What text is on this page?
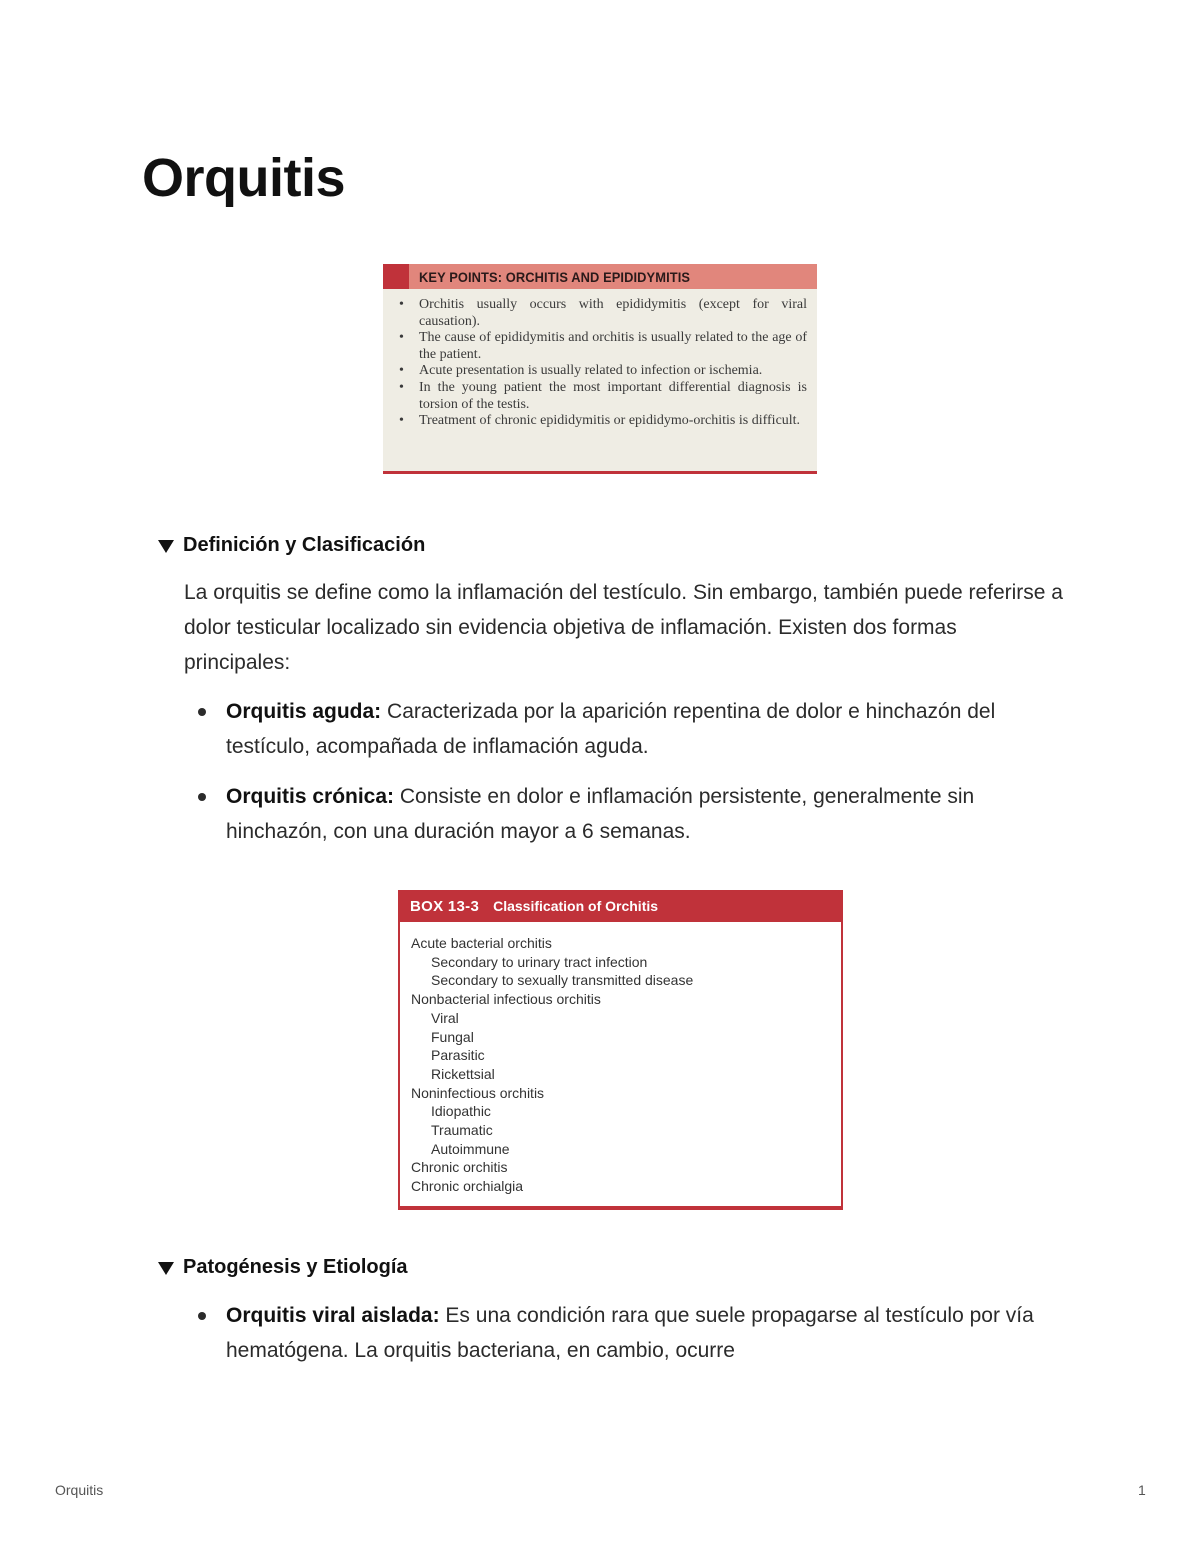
Orquitis
KEY POINTS: ORCHITIS AND EPIDIDYMITIS
• Orchitis usually occurs with epididymitis (except for viral causation).
• The cause of epididymitis and orchitis is usually related to the age of the patient.
• Acute presentation is usually related to infection or ischemia.
• In the young patient the most important differential diagnosis is torsion of the testis.
• Treatment of chronic epididymitis or epididymo-orchitis is difficult.
Definición y Clasificación

La orquitis se define como la inflamación del testículo. Sin embargo, también puede referirse a dolor testicular localizado sin evidencia objetiva de inflamación. Existen dos formas principales:

Orquitis aguda: Caracterizada por la aparición repentina de dolor e hinchazón del testículo, acompañada de inflamación aguda.
Orquitis crónica: Consiste en dolor e inflamación persistente, generalmente sin hinchazón, con una duración mayor a 6 semanas.
BOX 13-3 Classification of Orchitis
Acute bacterial orchitis
Secondary to urinary tract infection
Secondary to sexually transmitted disease
Nonbacterial infectious orchitis
Viral
Fungal
Parasitic
Rickettsial
Noninfectious orchitis
Idiopathic
Traumatic
Autoimmune
Chronic orchitis
Chronic orchialgia
Patogénesis y Etiología
Orquitis viral aislada: Es una condición rara que suele propagarse al testículo por vía hematógena. La orquitis bacteriana, en cambio, ocurre
Orquitis	1
